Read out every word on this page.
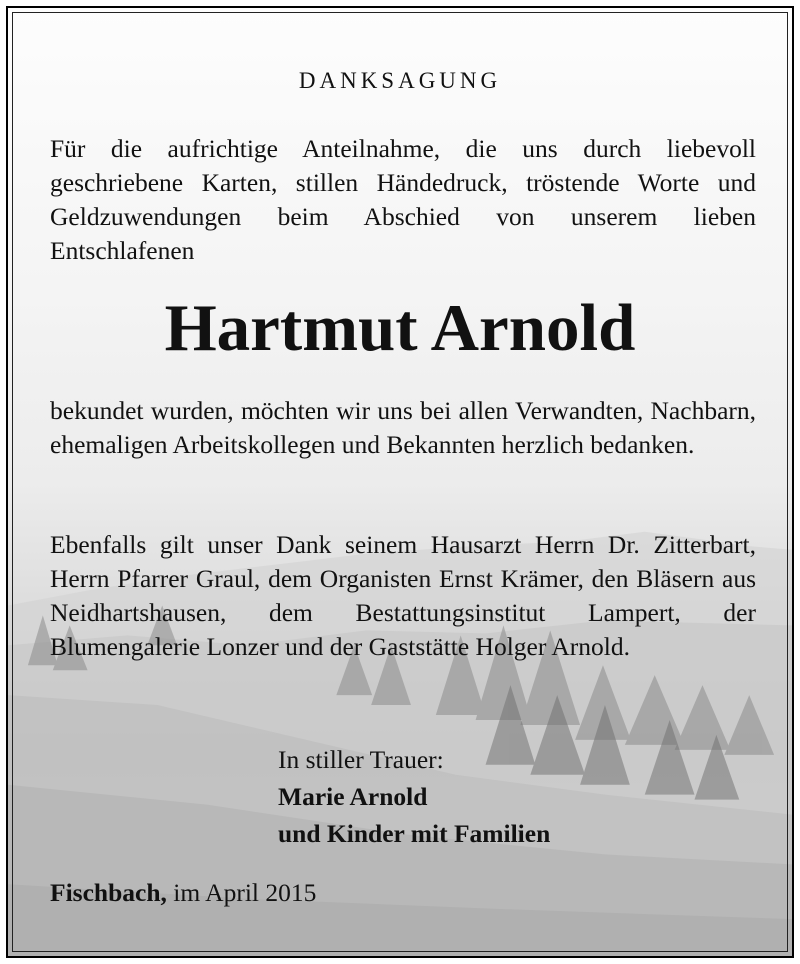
DANKSAGUNG
Für die aufrichtige Anteilnahme, die uns durch liebevoll geschriebene Karten, stillen Händedruck, tröstende Worte und Geldzuwendungen beim Abschied von unserem lieben Entschlafenen
Hartmut Arnold
bekundet wurden, möchten wir uns bei allen Verwandten, Nachbarn, ehemaligen Arbeitskollegen und Bekannten herzlich bedanken.
Ebenfalls gilt unser Dank seinem Hausarzt Herrn Dr. Zitterbart, Herrn Pfarrer Graul, dem Organisten Ernst Krämer, den Bläsern aus Neidhartshausen, dem Bestattungsinstitut Lampert, der Blumengalerie Lonzer und der Gaststätte Holger Arnold.
In stiller Trauer:
Marie Arnold
und Kinder mit Familien
Fischbach, im April 2015
